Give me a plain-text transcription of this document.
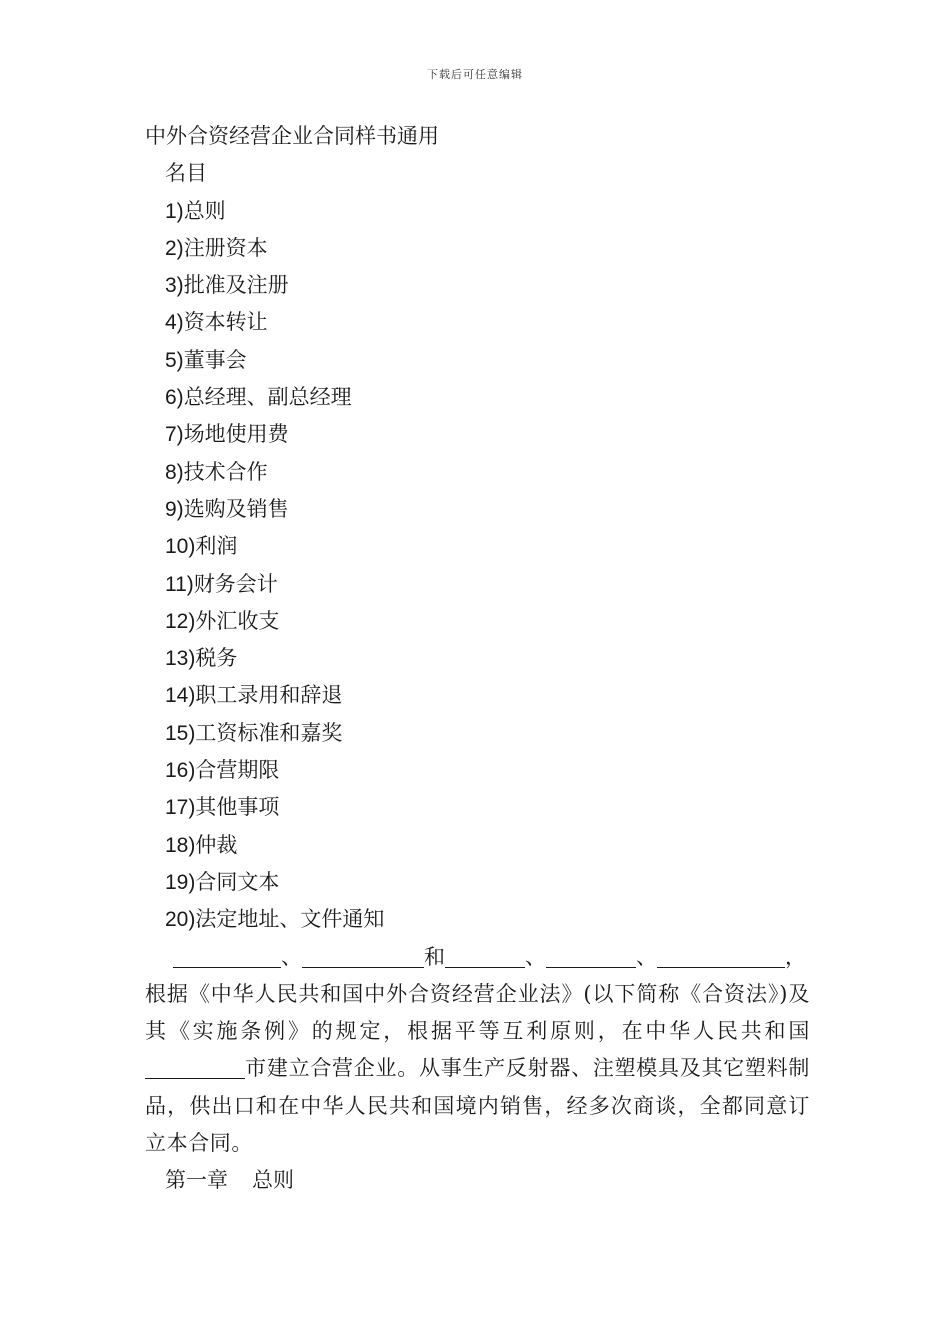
下载后可任意编辑
中外合资经营企业合同样书通用
名目
1)总则
2)注册资本
3)批准及注册
4)资本转让
5)董事会
6)总经理、副总经理
7)场地使用费
8)技术合作
9)选购及销售
10)利润
11)财务会计
12)外汇收支
13)税务
14)职工录用和辞退
15)工资标准和嘉奖
16)合营期限
17)其他事项
18)仲裁
19)合同文本
20)法定地址、文件通知
、	和	、	、	，
根据《中华人民共和国中外合资经营企业法》(以下简称《合资法》)及其《实施条例》的规定，根据平等互利原则，在中华人民共和国市建立合营企业。从事生产反射器、注塑模具及其它塑料制品，供出口和在中华人民共和国境内销售，经多次商谈，全都同意订立本合同。
第一章 总则
